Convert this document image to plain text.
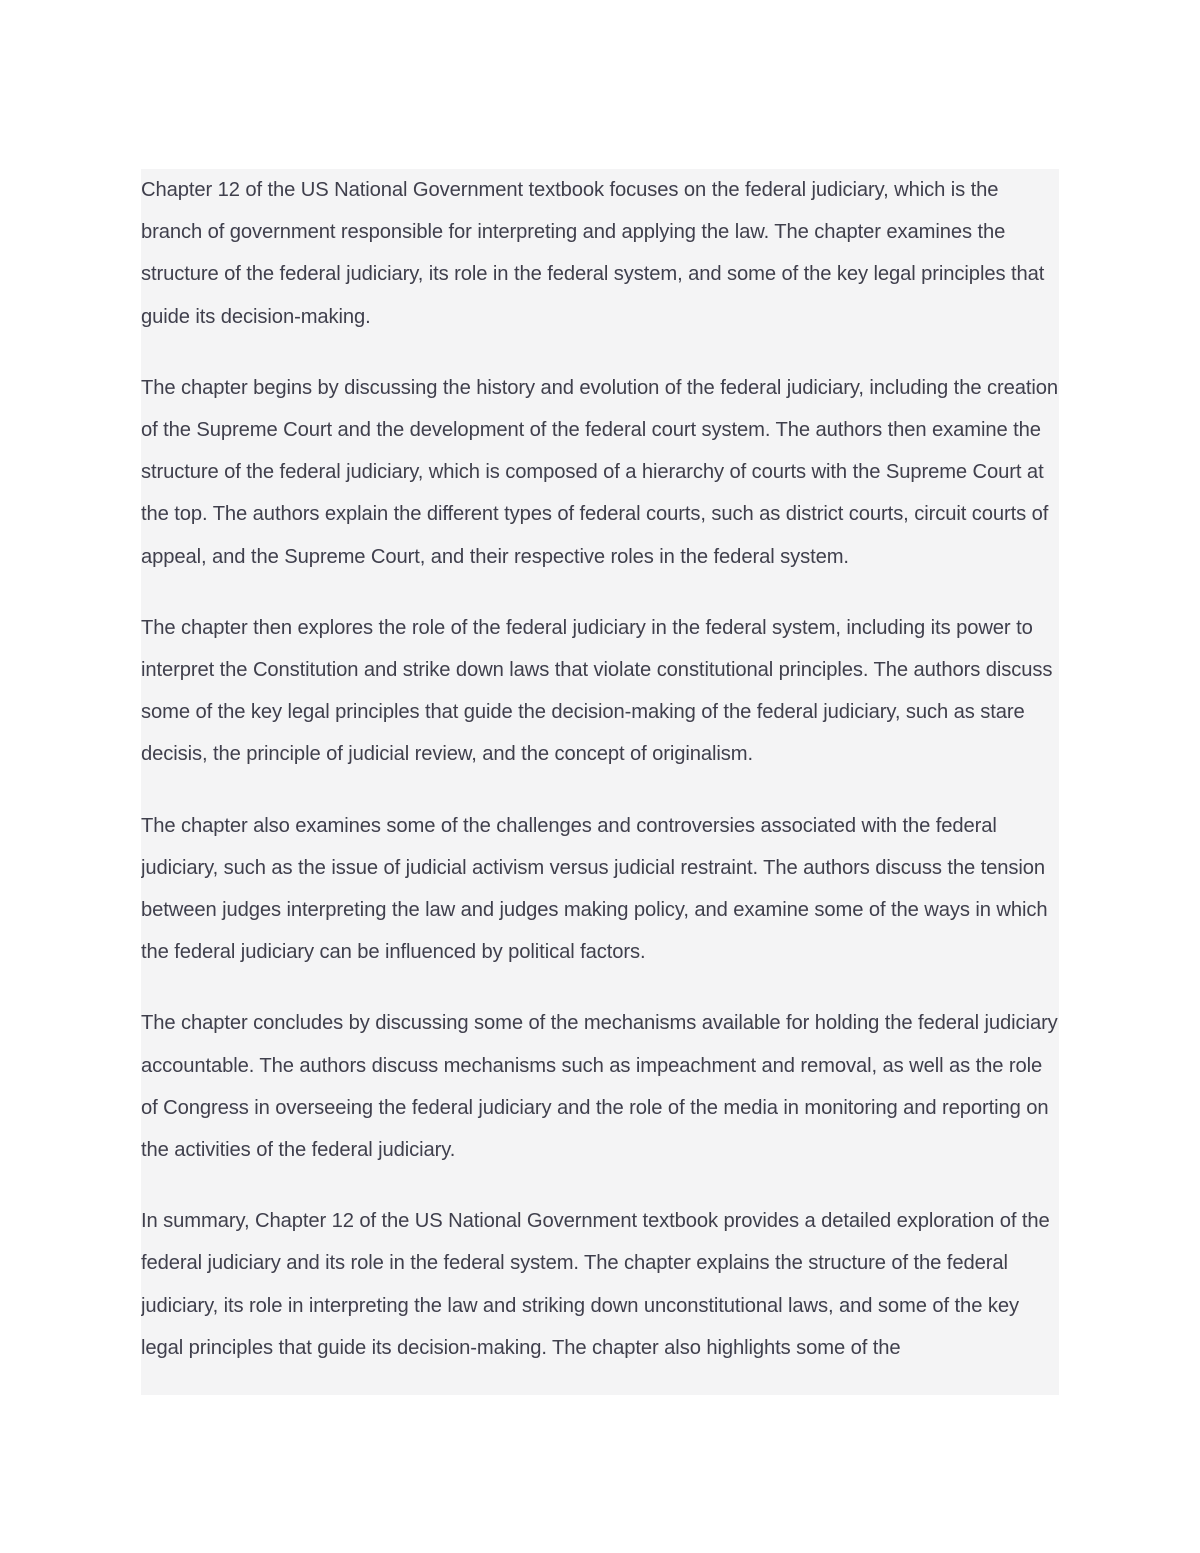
Chapter 12 of the US National Government textbook focuses on the federal judiciary, which is the branch of government responsible for interpreting and applying the law. The chapter examines the structure of the federal judiciary, its role in the federal system, and some of the key legal principles that guide its decision-making.

The chapter begins by discussing the history and evolution of the federal judiciary, including the creation of the Supreme Court and the development of the federal court system. The authors then examine the structure of the federal judiciary, which is composed of a hierarchy of courts with the Supreme Court at the top. The authors explain the different types of federal courts, such as district courts, circuit courts of appeal, and the Supreme Court, and their respective roles in the federal system.

The chapter then explores the role of the federal judiciary in the federal system, including its power to interpret the Constitution and strike down laws that violate constitutional principles. The authors discuss some of the key legal principles that guide the decision-making of the federal judiciary, such as stare decisis, the principle of judicial review, and the concept of originalism.

The chapter also examines some of the challenges and controversies associated with the federal judiciary, such as the issue of judicial activism versus judicial restraint. The authors discuss the tension between judges interpreting the law and judges making policy, and examine some of the ways in which the federal judiciary can be influenced by political factors.

The chapter concludes by discussing some of the mechanisms available for holding the federal judiciary accountable. The authors discuss mechanisms such as impeachment and removal, as well as the role of Congress in overseeing the federal judiciary and the role of the media in monitoring and reporting on the activities of the federal judiciary.

In summary, Chapter 12 of the US National Government textbook provides a detailed exploration of the federal judiciary and its role in the federal system. The chapter explains the structure of the federal judiciary, its role in interpreting the law and striking down unconstitutional laws, and some of the key legal principles that guide its decision-making. The chapter also highlights some of the
